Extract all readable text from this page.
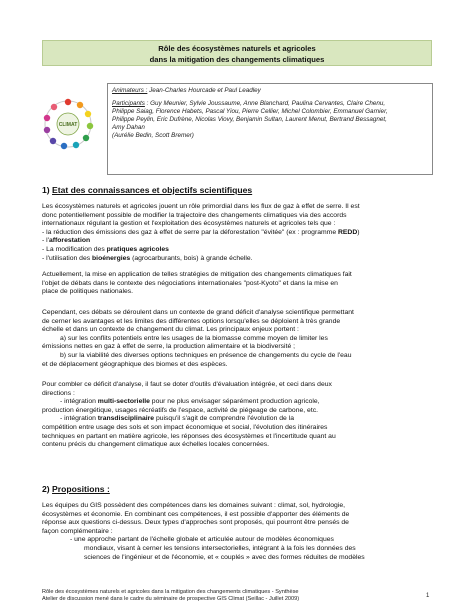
Rôle des écosystèmes naturels et agricoles
dans la mitigation des changements climatiques
CLIMAT
Animateurs : Jean-Charles Hourcade et Paul Leadley
Participants : Guy Meunier, Sylvie Joussaume, Anne Blanchard, Paulina Cervantes, Claire Chenu,
Philippe Saiag, Florence Habets, Pascal Yiou, Pierre Cellier, Michel Colombier, Emmanuel Garnier,
Philippe Peylin, Eric Dufrène, Nicolas Viovy, Benjamin Sultan, Laurent Menut, Bertrand Bessagnet,
Amy Dahan
(Aurélie Bedin, Scott Bremer)
1) Etat des connaissances et objectifs scientifiques
Les écosystèmes naturels et agricoles jouent un rôle primordial dans les flux de gaz à effet de serre. Il est
donc potentiellement possible de modifier la trajectoire des changements climatiques via des accords
internationaux régulant la gestion et l'exploitation des écosystèmes naturels et agricoles tels que :
- la réduction des émissions des gaz à effet de serre par la déforestation "évitée" (ex : programme REDD)
- l'afforestation
- La modification des pratiques agricoles
- l'utilisation des bioénergies (agrocarburants, bois) à grande échelle.
Actuellement, la mise en application de telles stratégies de mitigation des changements climatiques fait
l'objet de débats dans le contexte des négociations internationales "post-Kyoto" et dans la mise en
place de politiques nationales.
Cependant, ces débats se déroulent dans un contexte de grand déficit d'analyse scientifique permettant
de cerner les avantages et les limites des différentes options lorsqu'elles se déploient à très grande
échelle et dans un contexte de changement du climat. Les principaux enjeux portent :
a) sur les conflits potentiels entre les usages de la biomasse comme moyen de limiter les
émissions nettes en gaz à effet de serre, la production alimentaire et la biodiversité ;
b) sur la viabilité des diverses options techniques en présence de changements du cycle de l'eau
et de déplacement géographique des biomes et des espèces.
Pour combler ce déficit d'analyse, il faut se doter d'outils d'évaluation intégrée, et ceci dans deux
directions :
- intégration multi-sectorielle pour ne plus envisager séparément production agricole,
production énergétique, usages récréatifs de l'espace, activité de piégeage de carbone, etc.
- intégration transdisciplinaire puisqu'il s'agit de comprendre l'évolution de la
compétition entre usage des sols et son impact économique et social, l'évolution des itinéraires
techniques en partant en matière agricole, les réponses des écosystèmes et l'incertitude quant au
contenu précis du changement climatique aux échelles locales concernées.
2) Propositions :
Les équipes du GIS possèdent des compétences dans les domaines suivant : climat, sol, hydrologie,
écosystèmes et économie. En combinant ces compétences, il est possible d'apporter des éléments de
réponse aux questions ci-dessus. Deux types d'approches sont proposés, qui pourront être pensés de
façon complémentaire :
- une approche partant de l'échelle globale et articulée autour de modèles économiques
mondiaux, visant à cerner les tensions intersectorielles, intégrant à la fois les données des
sciences de l'ingénieur et de l'économie, et « couplés » avec des formes réduites de modèles
Rôle des écosystèmes naturels et agricoles dans la mitigation des changements climatiques - Synthèse
Atelier de discussion mené dans le cadre du séminaire de prospective GIS Climat (Seillac - Juillet 2009)	1
